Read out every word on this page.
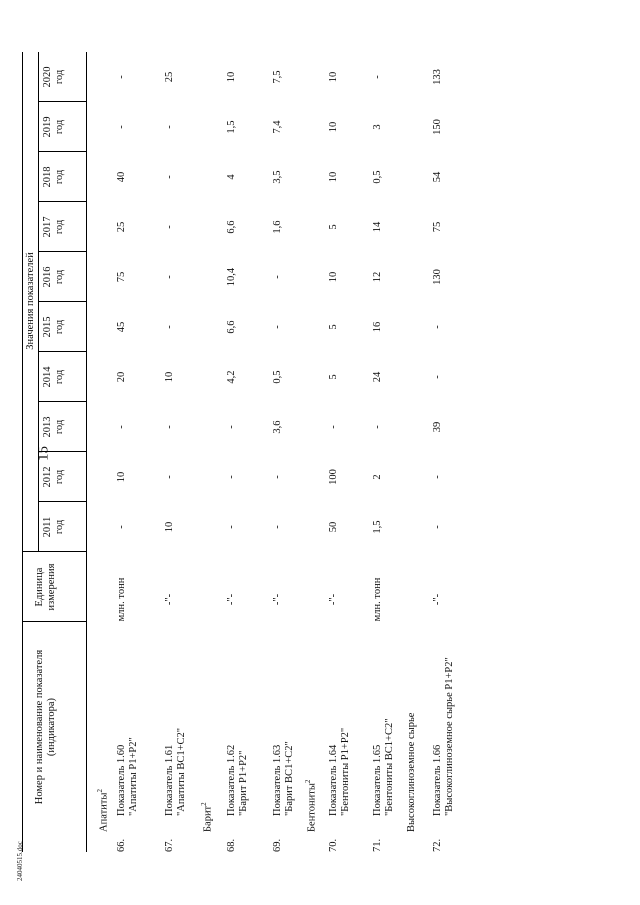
15
24040515.doc
Номер и наименование показателя (индикатора)
Единица измерения
Значения показателей
2011 год
2012 год
2013 год
2014 год
2015 год
2016 год
2017 год
2018 год
2019 год
2020 год
Апатиты$^2$
Барит$^2$	Бентониты$^2$	Высокоглиноземное сырье
66.
Показатель 1.60 "Апатиты Р1+Р2"
млн. тонн
-
10
-
20
45
75
25
40
-
-
67.
Показатель 1.61 "Апатиты ВС1+С2"
-"-
10
-
-
10
-
-
-
-
-
25
68.
Показатель 1.62 "Барит Р1+Р2"
-"-
-
-
-
4,2
6,6
10,4
6,6
4
1,5
10
69.
Показатель 1.63 "Барит ВС1+С2"
-"-
-
-
3,6
0,5
-
-
1,6
3,5
7,4
7,5
70.
Показатель 1.64 "Бентониты Р1+Р2"
-"-
50
100
-
5
5
10
5
10
10
10
71.
Показатель 1.65 "Бентониты ВС1+С2"
млн. тонн
1,5
2
-
24
16
12
14
0,5
3
-
72.
Показатель 1.66 "Высокоглиноземное сырье Р1+Р2"
-"-
-
-
39
-
-
130
75
54
150
133
